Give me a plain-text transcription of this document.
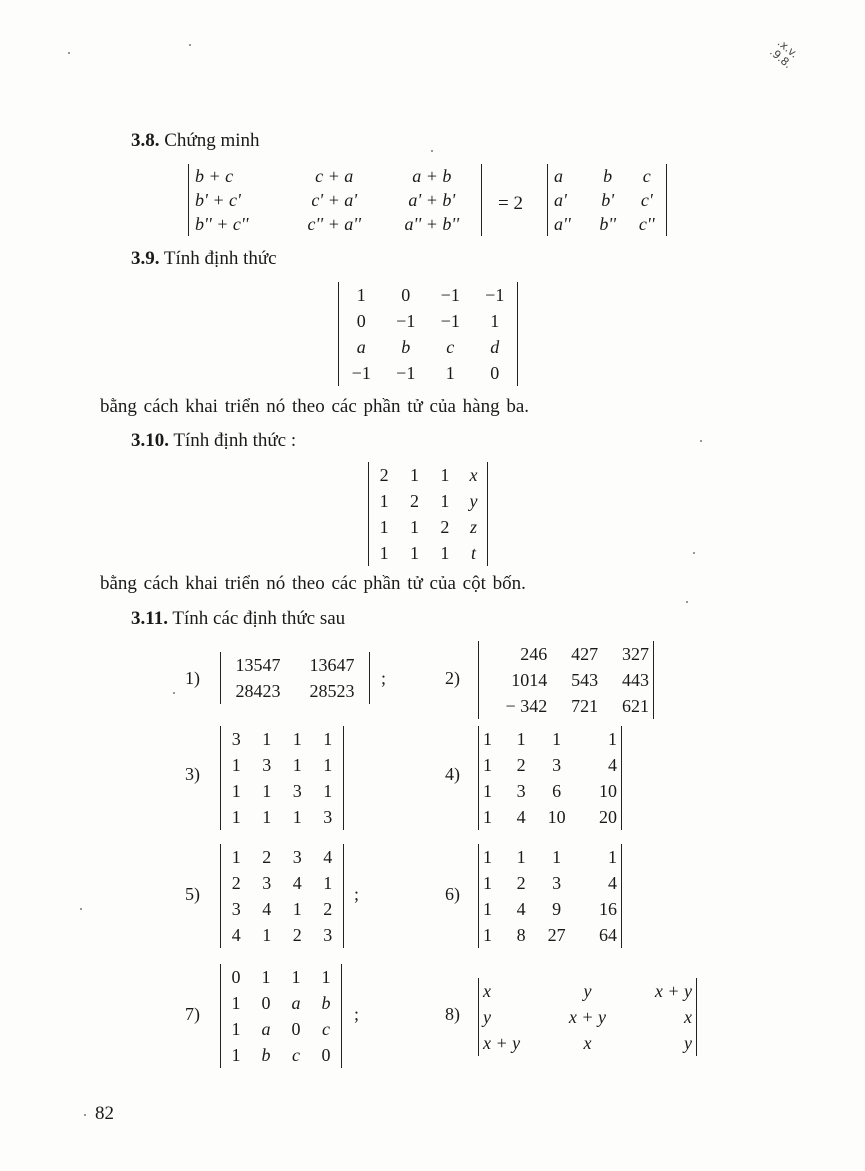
.x.v.
.9.8.
3.8. Chứng minh
b + c	c + a	a + b
b' + c'	c' + a'	a' + b'
b'' + c''	c'' + a''	a'' + b''
= 2
a	b	c
a'	b'	c'
a''	b''	c''
3.9. Tính định thức
1	0	−1	−1
0	−1	−1	1
a	b	c	d
−1	−1	1	0
bằng cách khai triển nó theo các phần tử của hàng ba.
3.10. Tính định thức :
2	1	1	x
1	2	1	y
1	1	2	z
1	1	1	t
bằng cách khai triển nó theo các phần tử của cột bốn.
3.11. Tính các định thức sau
1)
13547	13647
28423	28523
;	2)
246	427	327
1014	543	443
− 342	721	621
3)
3	1	1	1
1	3	1	1
1	1	3	1
1	1	1	3
4)
1	1	1	1
1	2	3	4
1	3	6	10
1	4	10	20
5)
1	2	3	4
2	3	4	1
3	4	1	2
4	1	2	3
;	6)
1	1	1	1
1	2	3	4
1	4	9	16
1	8	27	64
7)
0	1	1	1
1	0	a	b
1	a	0	c
1	b	c	0
;	8)
x	y	x + y
y	x + y	x
x + y	x	y
82
